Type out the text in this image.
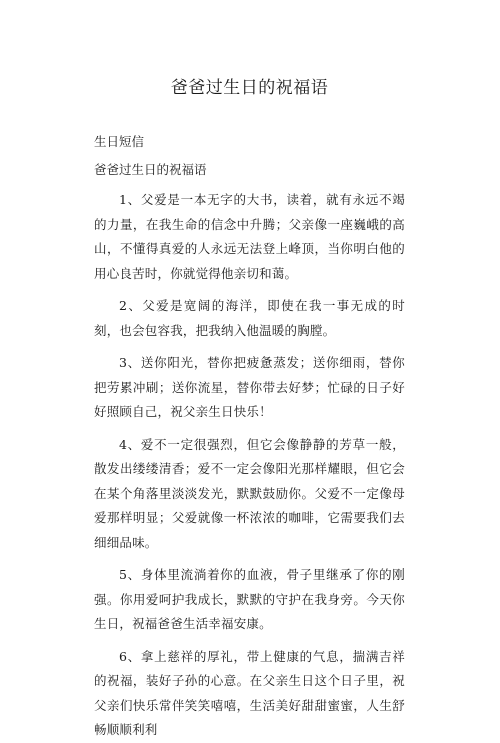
爸爸过生日的祝福语

生日短信

爸爸过生日的祝福语

1、父爱是一本无字的大书，读着，就有永远不竭的力量，在我生命的信念中升腾；父亲像一座巍峨的高山，不懂得真爱的人永远无法登上峰顶，当你明白他的用心良苦时，你就觉得他亲切和蔼。

2、父爱是宽阔的海洋，即使在我一事无成的时刻，也会包容我，把我纳入他温暖的胸膛。

3、送你阳光，替你把疲惫蒸发；送你细雨，替你把劳累冲刷；送你流星，替你带去好梦；忙碌的日子好好照顾自己，祝父亲生日快乐！

4、爱不一定很强烈，但它会像静静的芳草一般，散发出缕缕清香；爱不一定会像阳光那样耀眼，但它会在某个角落里淡淡发光，默默鼓励你。父爱不一定像母爱那样明显；父爱就像一杯浓浓的咖啡，它需要我们去细细品味。

5、身体里流淌着你的血液，骨子里继承了你的刚强。你用爱呵护我成长，默默的守护在我身旁。今天你生日，祝福爸爸生活幸福安康。

6、拿上慈祥的厚礼，带上健康的气息，揣满吉祥的祝福，装好子孙的心意。在父亲生日这个日子里，祝父亲们快乐常伴笑笑嘻嘻，生活美好甜甜蜜蜜，人生舒畅顺顺利利
